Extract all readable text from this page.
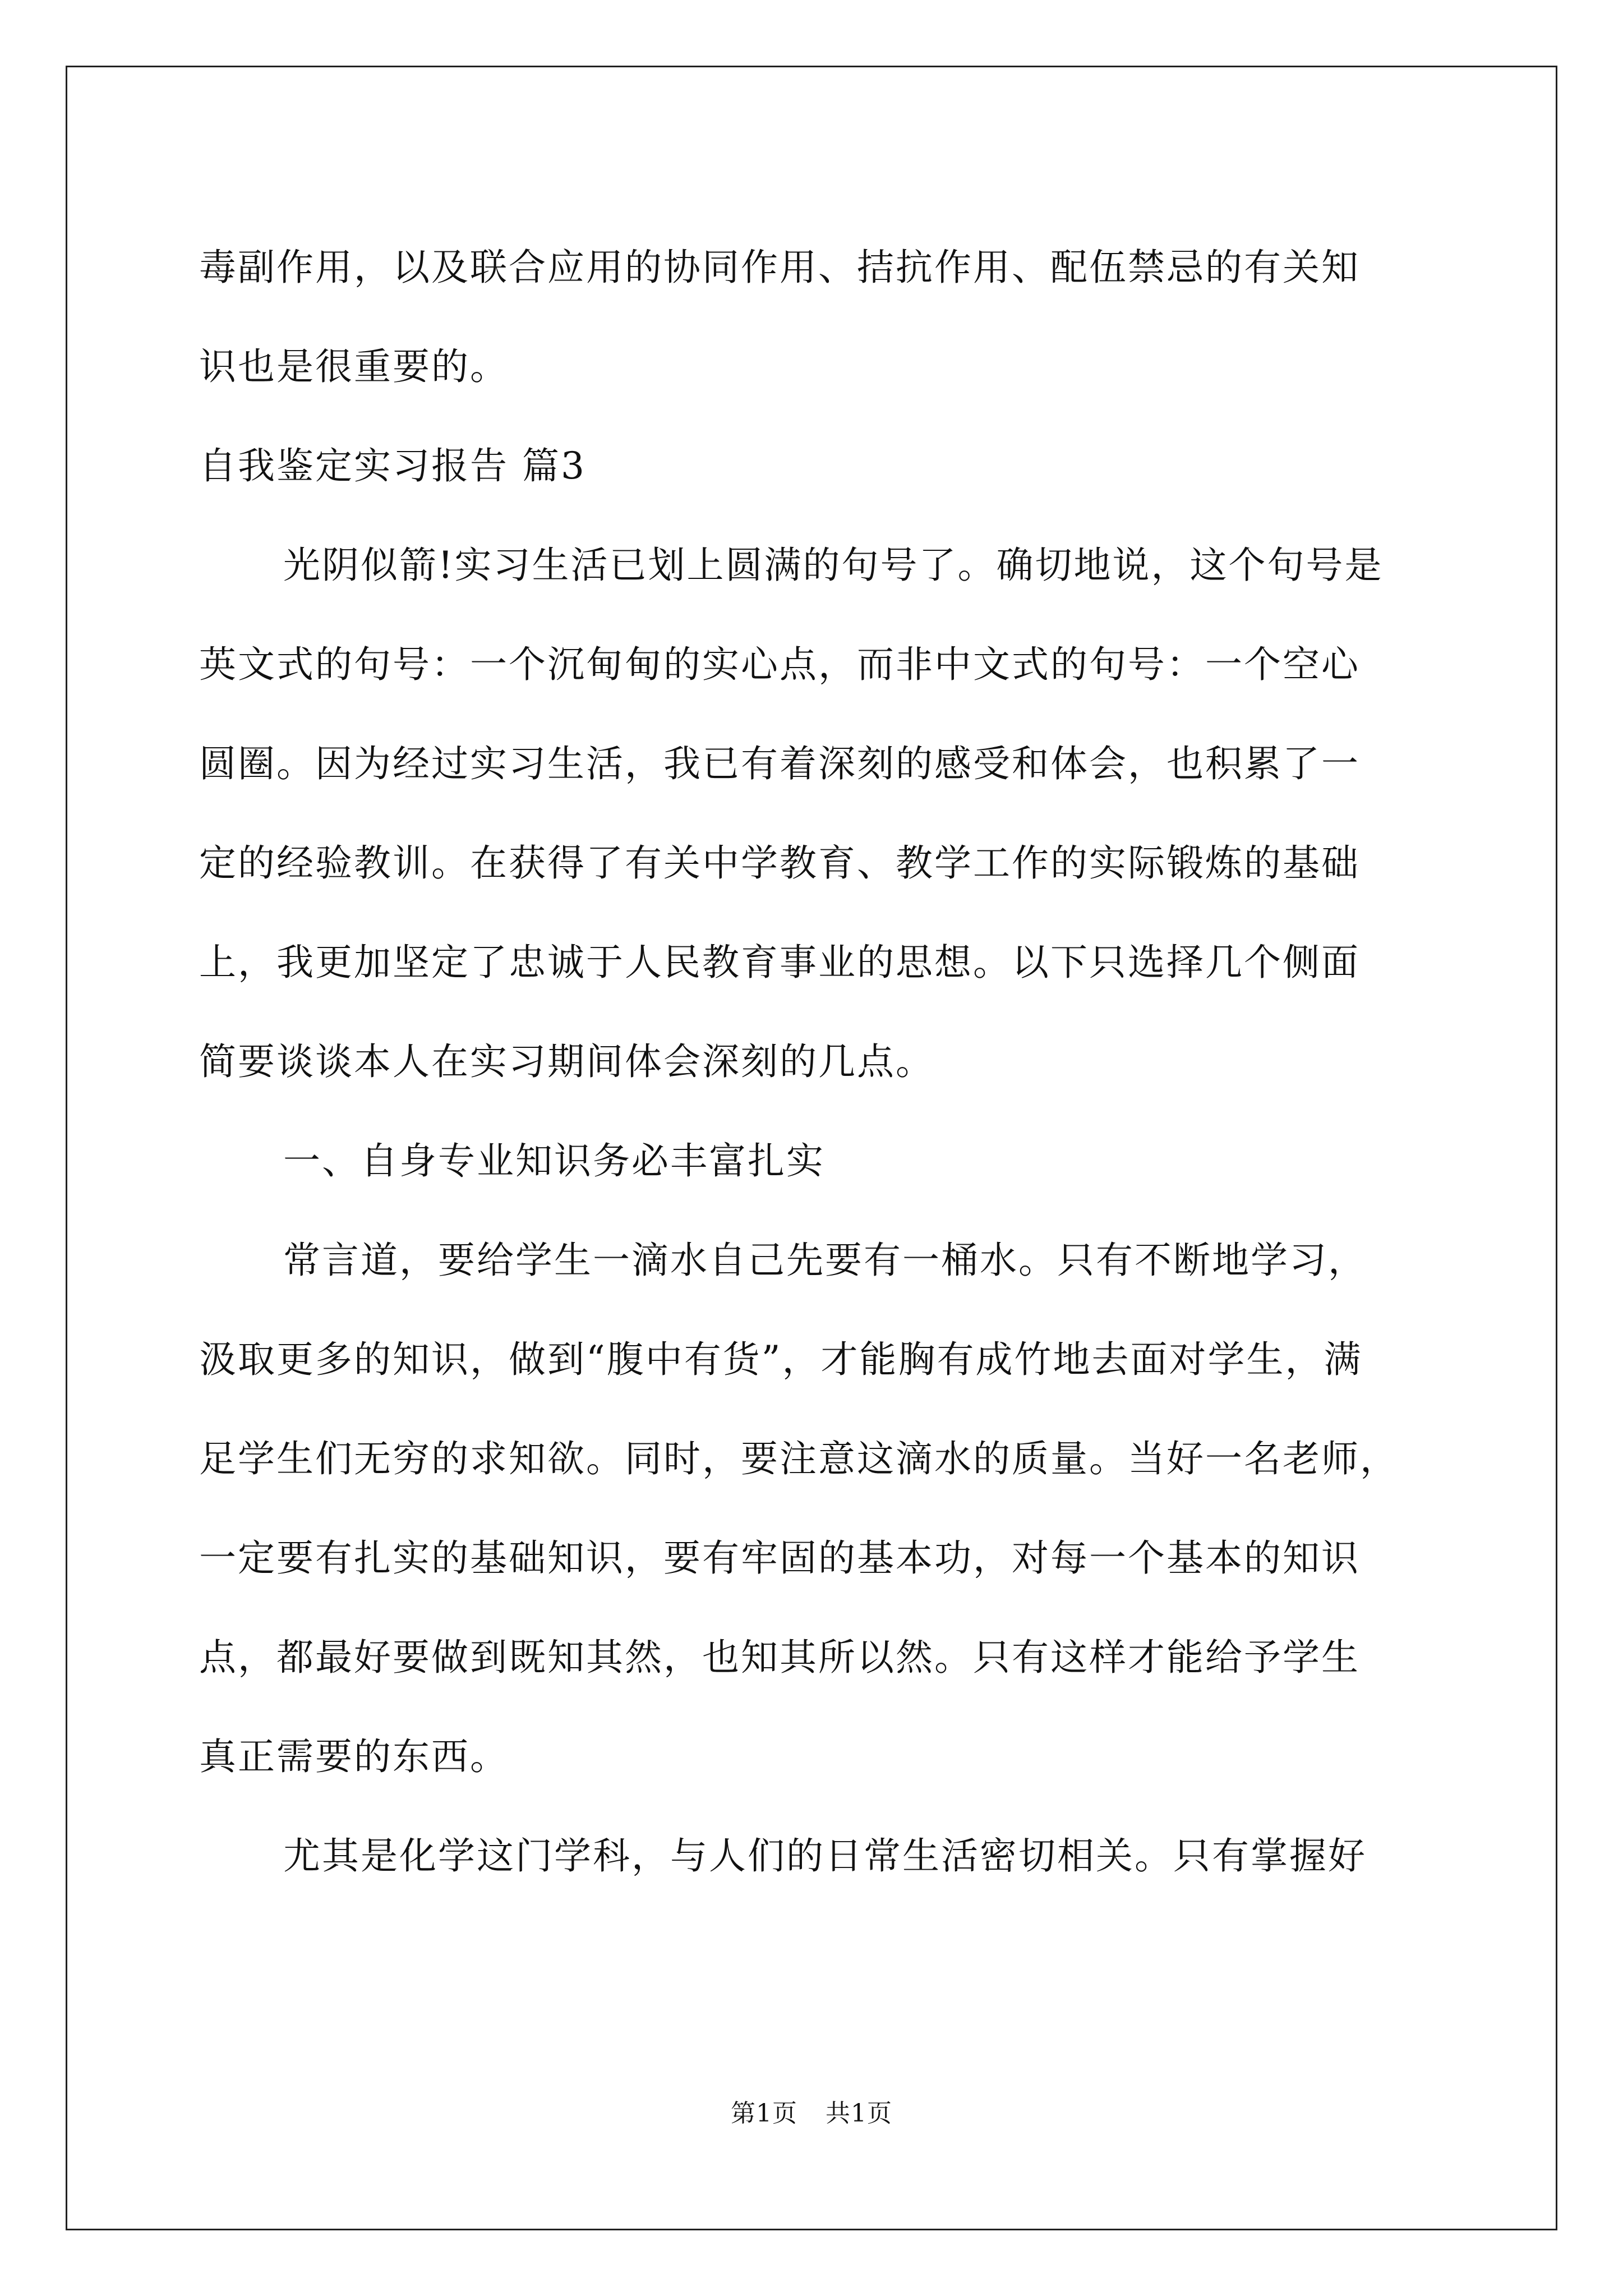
毒副作用，以及联合应用的协同作用、拮抗作用、配伍禁忌的有关知
识也是很重要的。
自我鉴定实习报告 篇3
光阴似箭!实习生活已划上圆满的句号了。确切地说，这个句号是
英文式的句号：一个沉甸甸的实心点，而非中文式的句号：一个空心
圆圈。因为经过实习生活，我已有着深刻的感受和体会，也积累了一
定的经验教训。在获得了有关中学教育、教学工作的实际锻炼的基础
上，我更加坚定了忠诚于人民教育事业的思想。以下只选择几个侧面
简要谈谈本人在实习期间体会深刻的几点。
一、自身专业知识务必丰富扎实
常言道，要给学生一滴水自己先要有一桶水。只有不断地学习，
汲取更多的知识，做到“腹中有货”，才能胸有成竹地去面对学生，满
足学生们无穷的求知欲。同时，要注意这滴水的质量。当好一名老师，
一定要有扎实的基础知识，要有牢固的基本功，对每一个基本的知识
点，都最好要做到既知其然，也知其所以然。只有这样才能给予学生
真正需要的东西。
尤其是化学这门学科，与人们的日常生活密切相关。只有掌握好
第1页 共1页
